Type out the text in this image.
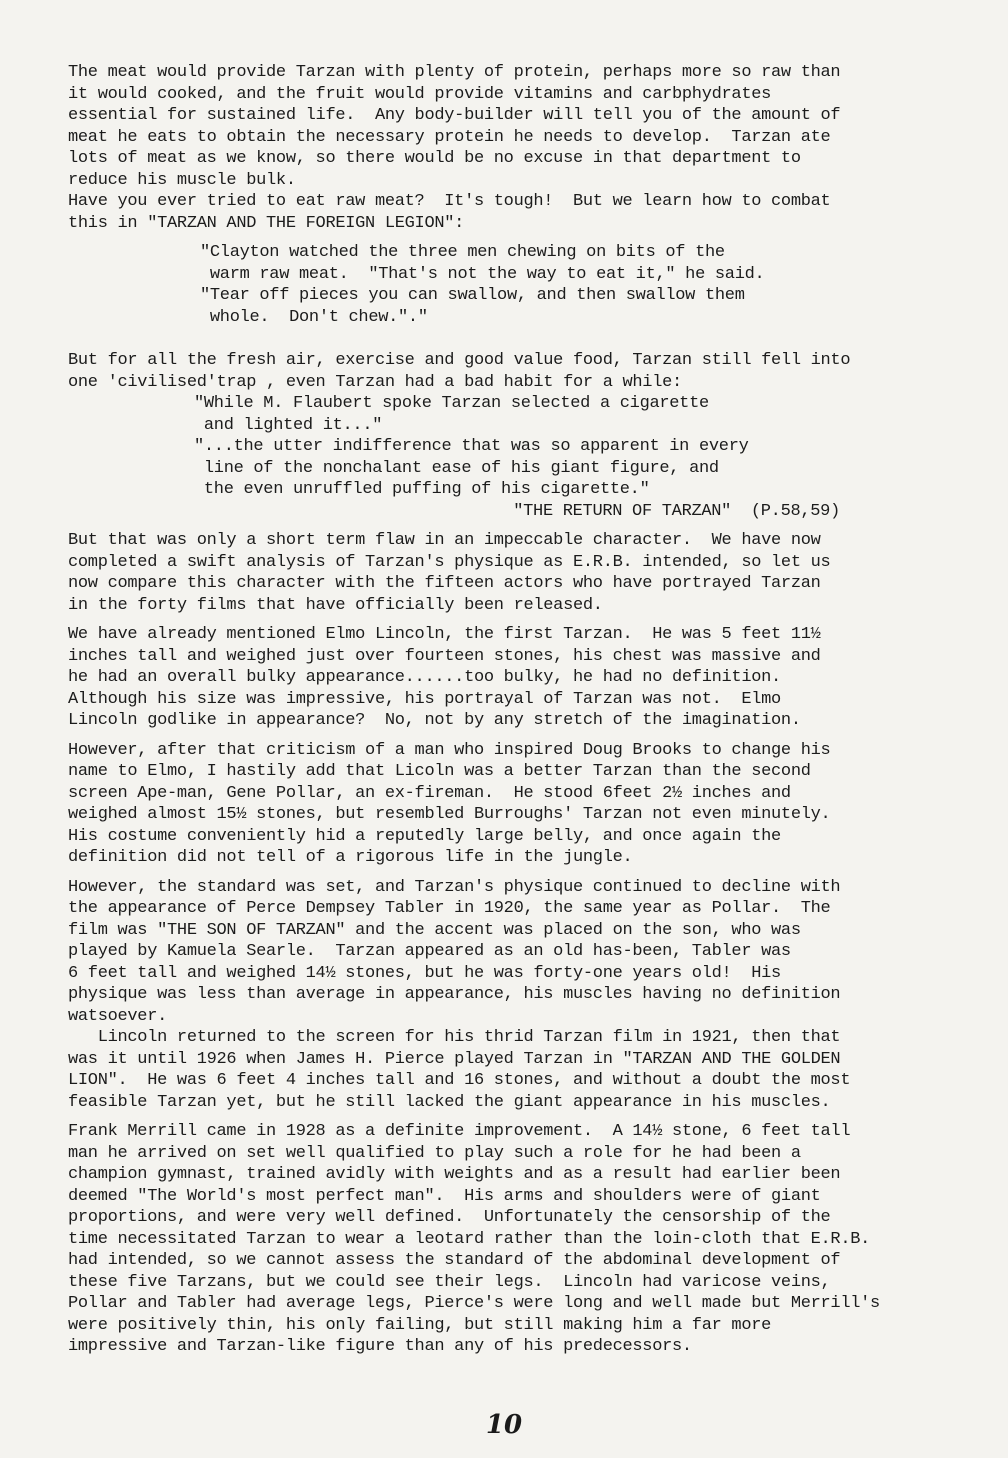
The meat would provide Tarzan with plenty of protein, perhaps more so raw than
it would cooked, and the fruit would provide vitamins and carbphydrates
essential for sustained life.  Any body-builder will tell you of the amount of
meat he eats to obtain the necessary protein he needs to develop.  Tarzan ate
lots of meat as we know, so there would be no excuse in that department to
reduce his muscle bulk.
Have you ever tried to eat raw meat?  It's tough!  But we learn how to combat
this in "TARZAN AND THE FOREIGN LEGION":
"Clayton watched the three men chewing on bits of the
warm raw meat.  "That's not the way to eat it," he said.
"Tear off pieces you can swallow, and then swallow them
whole.  Don't chew."."
But for all the fresh air, exercise and good value food, Tarzan still fell into
one 'civilised'trap , even Tarzan had a bad habit for a while:
"While M. Flaubert spoke Tarzan selected a cigarette
and lighted it..."
"...the utter indifference that was so apparent in every
line of the nonchalant ease of his giant figure, and
the even unruffled puffing of his cigarette."
"THE RETURN OF TARZAN"  (P.58,59)
But that was only a short term flaw in an impeccable character.  We have now
completed a swift analysis of Tarzan's physique as E.R.B. intended, so let us
now compare this character with the fifteen actors who have portrayed Tarzan
in the forty films that have officially been released.
We have already mentioned Elmo Lincoln, the first Tarzan.  He was 5 feet 11½
inches tall and weighed just over fourteen stones, his chest was massive and
he had an overall bulky appearance......too bulky, he had no definition.
Although his size was impressive, his portrayal of Tarzan was not.  Elmo
Lincoln godlike in appearance?  No, not by any stretch of the imagination.
However, after that criticism of a man who inspired Doug Brooks to change his
name to Elmo, I hastily add that Licoln was a better Tarzan than the second
screen Ape-man, Gene Pollar, an ex-fireman.  He stood 6feet 2½ inches and
weighed almost 15½ stones, but resembled Burroughs' Tarzan not even minutely.
His costume conveniently hid a reputedly large belly, and once again the
definition did not tell of a rigorous life in the jungle.
However, the standard was set, and Tarzan's physique continued to decline with
the appearance of Perce Dempsey Tabler in 1920, the same year as Pollar.  The
film was "THE SON OF TARZAN" and the accent was placed on the son, who was
played by Kamuela Searle.  Tarzan appeared as an old has-been, Tabler was
6 feet tall and weighed 14½ stones, but he was forty-one years old!  His
physique was less than average in appearance, his muscles having no definition
watsoever.
Lincoln returned to the screen for his thrid Tarzan film in 1921, then that
was it until 1926 when James H. Pierce played Tarzan in "TARZAN AND THE GOLDEN
LION".  He was 6 feet 4 inches tall and 16 stones, and without a doubt the most
feasible Tarzan yet, but he still lacked the giant appearance in his muscles.
Frank Merrill came in 1928 as a definite improvement.  A 14½ stone, 6 feet tall
man he arrived on set well qualified to play such a role for he had been a
champion gymnast, trained avidly with weights and as a result had earlier been
deemed "The World's most perfect man".  His arms and shoulders were of giant
proportions, and were very well defined.  Unfortunately the censorship of the
time necessitated Tarzan to wear a leotard rather than the loin-cloth that E.R.B.
had intended, so we cannot assess the standard of the abdominal development of
these five Tarzans, but we could see their legs.  Lincoln had varicose veins,
Pollar and Tabler had average legs, Pierce's were long and well made but Merrill's
were positively thin, his only failing, but still making him a far more
impressive and Tarzan-like figure than any of his predecessors.
10
